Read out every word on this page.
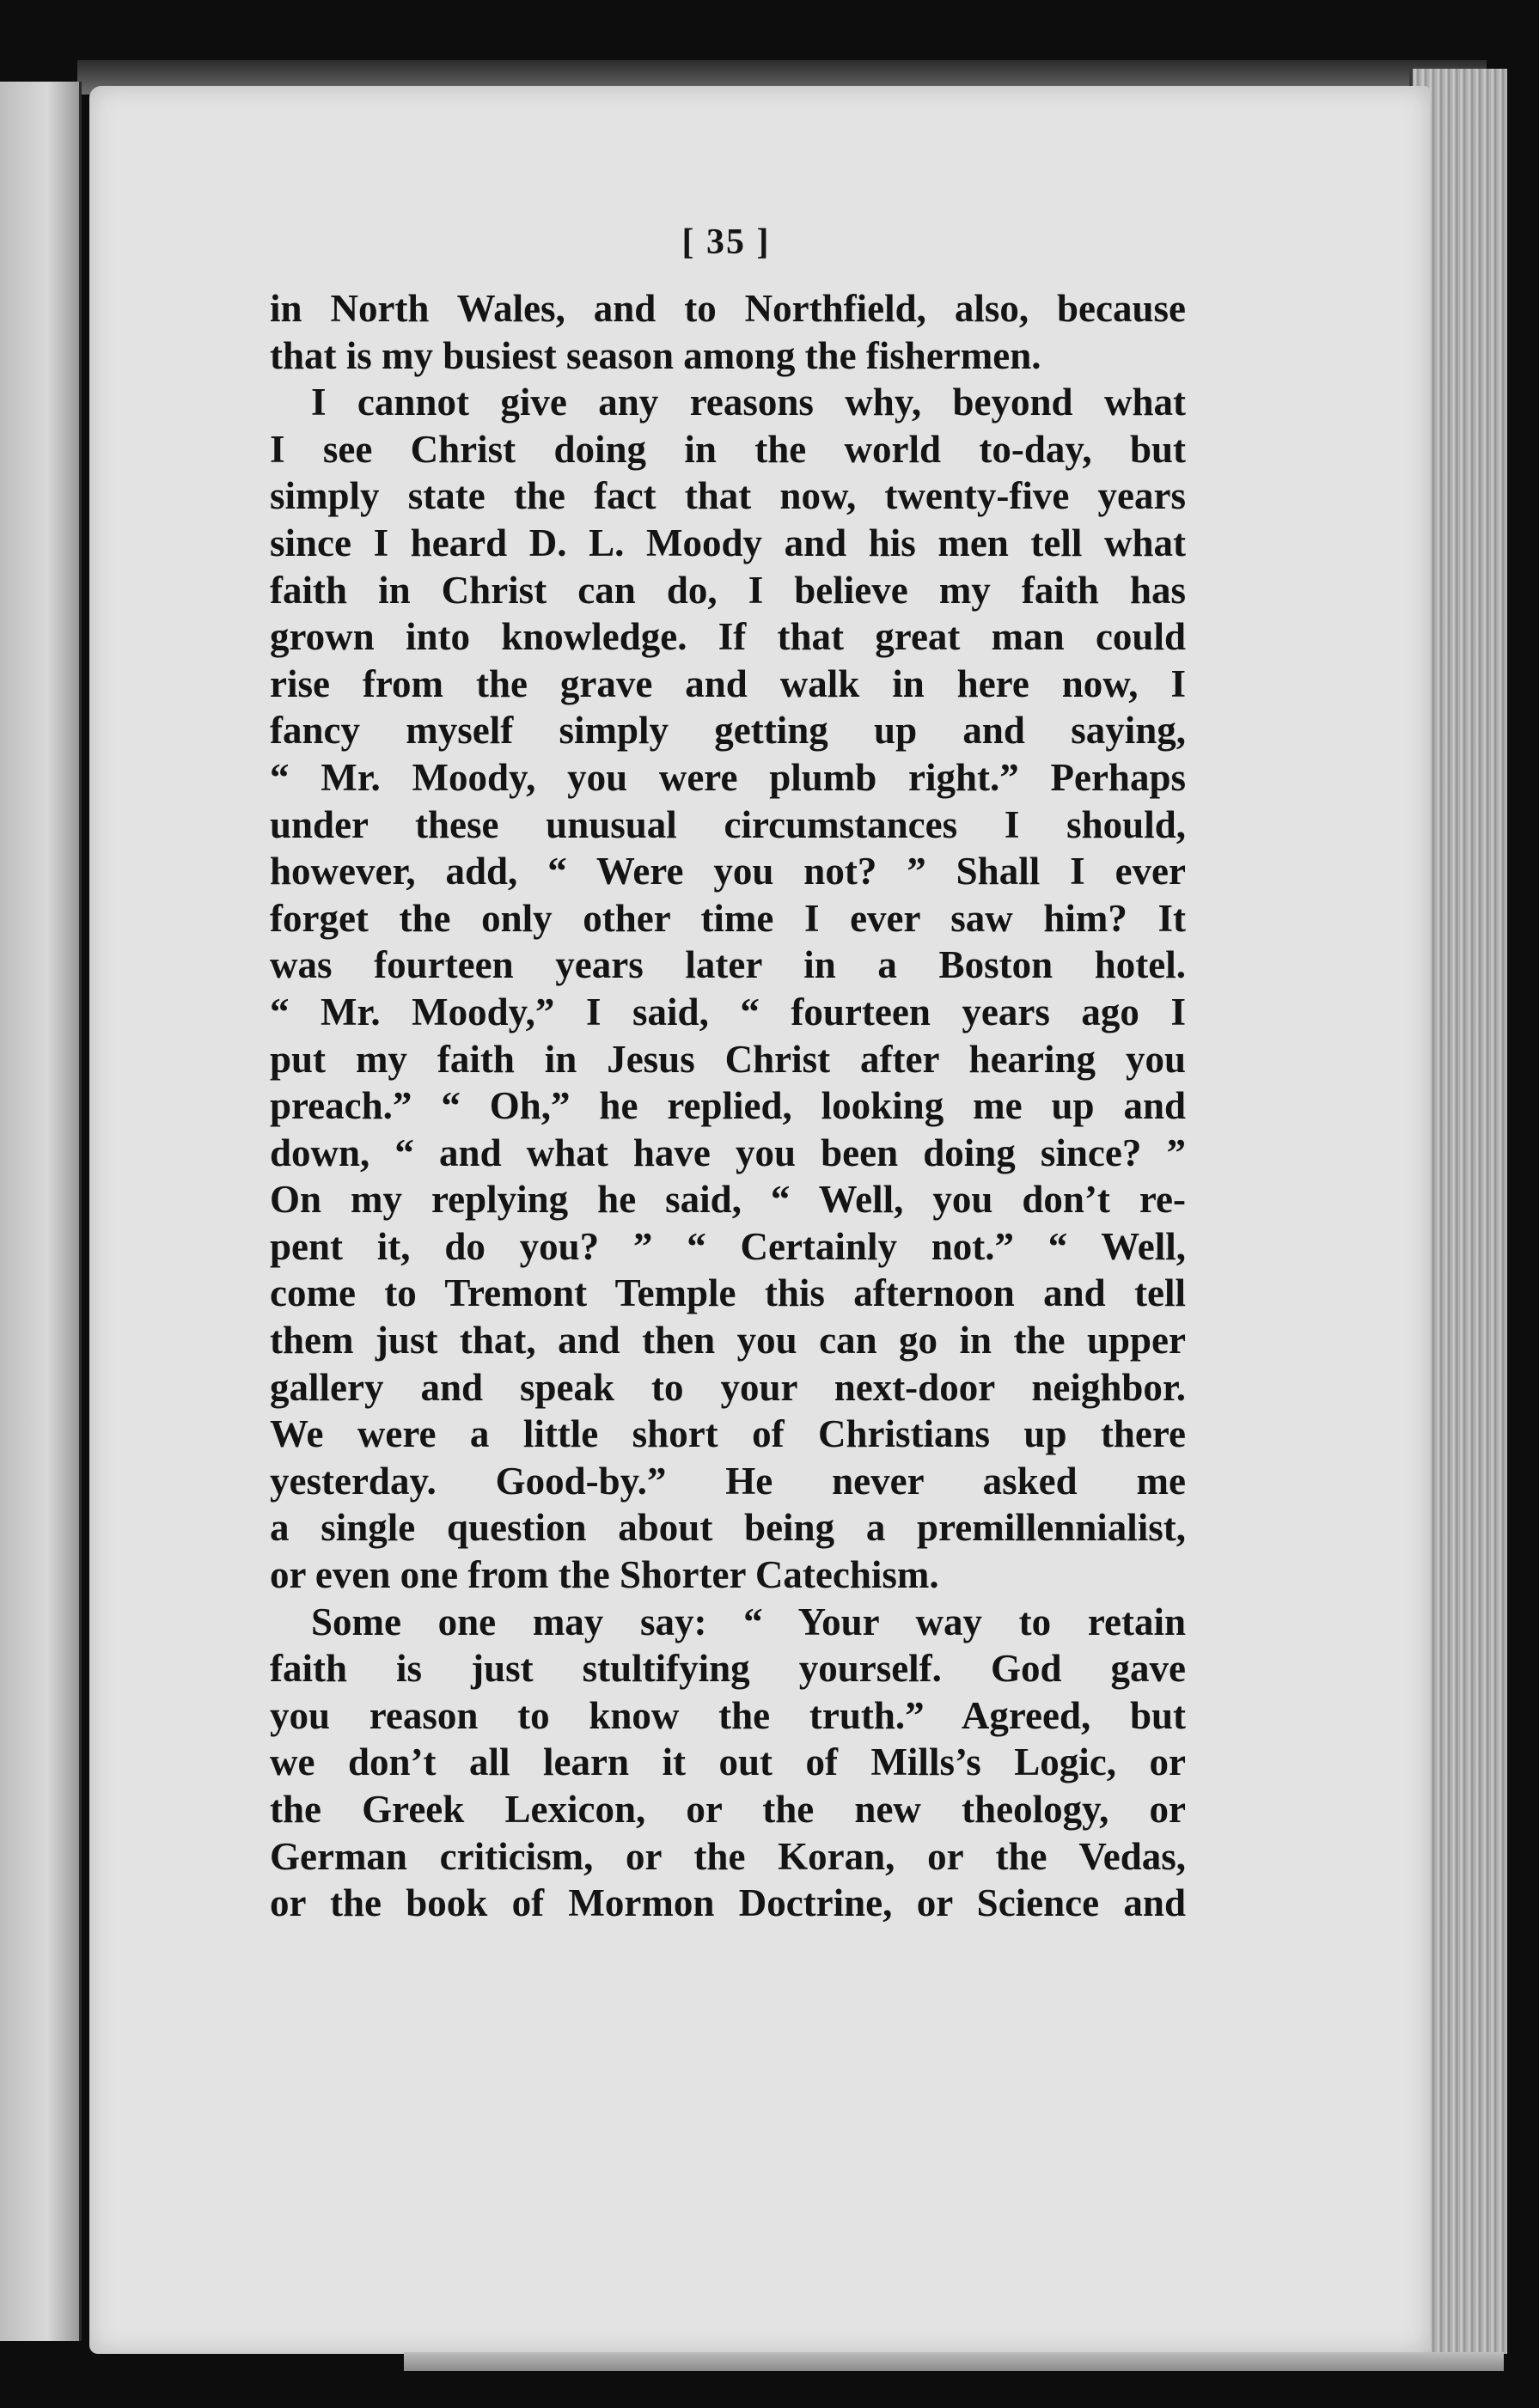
[ 35 ]
in North Wales, and to Northfield, also, because
that is my busiest season among the fishermen.
I cannot give any reasons why, beyond what
I see Christ doing in the world to-day, but
simply state the fact that now, twenty-five years
since I heard D. L. Moody and his men tell what
faith in Christ can do, I believe my faith has
grown into knowledge. If that great man could
rise from the grave and walk in here now, I
fancy myself simply getting up and saying,
“ Mr. Moody, you were plumb right.” Perhaps
under these unusual circumstances I should,
however, add, “ Were you not? ” Shall I ever
forget the only other time I ever saw him? It
was fourteen years later in a Boston hotel.
“ Mr. Moody,” I said, “ fourteen years ago I
put my faith in Jesus Christ after hearing you
preach.” “ Oh,” he replied, looking me up and
down, “ and what have you been doing since? ”
On my replying he said, “ Well, you don’t re-
pent it, do you? ” “ Certainly not.” “ Well,
come to Tremont Temple this afternoon and tell
them just that, and then you can go in the upper
gallery and speak to your next-door neighbor.
We were a little short of Christians up there
yesterday. Good-by.” He never asked me
a single question about being a premillennialist,
or even one from the Shorter Catechism.
Some one may say: “ Your way to retain
faith is just stultifying yourself. God gave
you reason to know the truth.” Agreed, but
we don’t all learn it out of Mills’s Logic, or
the Greek Lexicon, or the new theology, or
German criticism, or the Koran, or the Vedas,
or the book of Mormon Doctrine, or Science and
